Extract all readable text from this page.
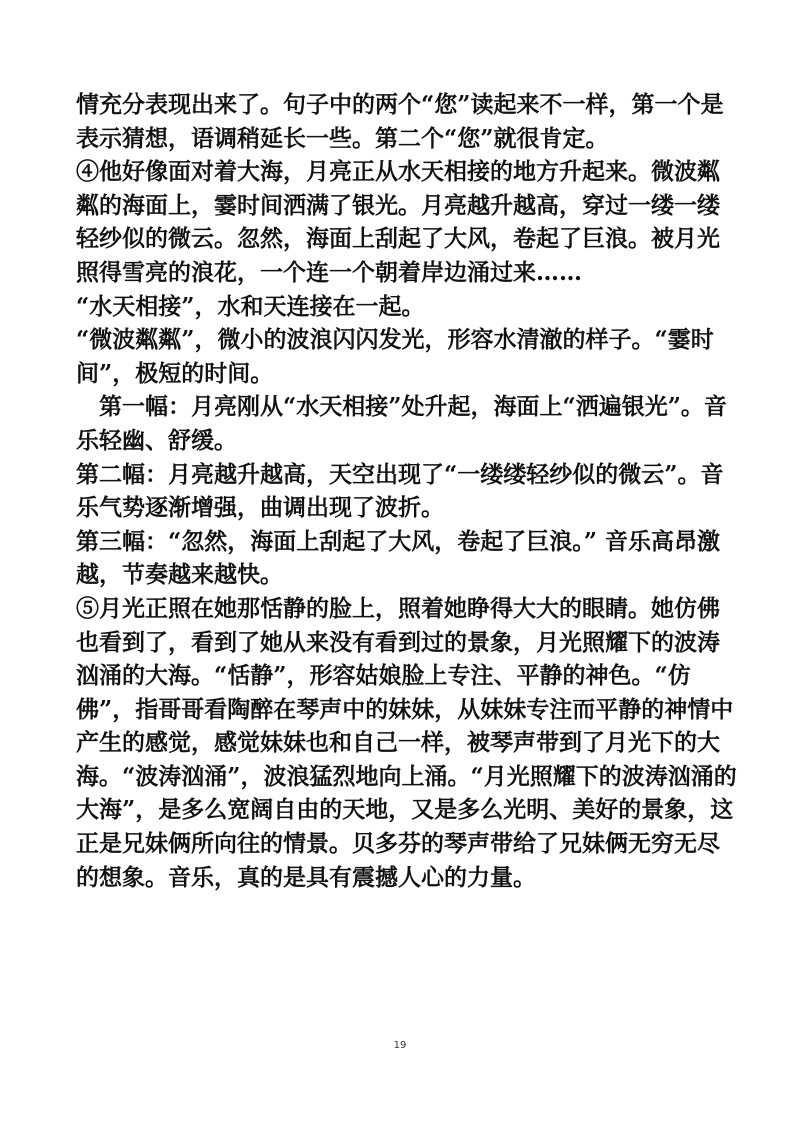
情充分表现出来了。句子中的两个“您”读起来不一样，第一个是表示猜想，语调稍延长一些。第二个“您”就很肯定。

④他好像面对着大海，月亮正从水天相接的地方升起来。微波粼粼的海面上，霎时间洒满了银光。月亮越升越高，穿过一缕一缕轻纱似的微云。忽然，海面上刮起了大风，卷起了巨浪。被月光照得雪亮的浪花，一个连一个朝着岸边涌过来……

“水天相接”，水和天连接在一起。

“微波粼粼”，微小的波浪闪闪发光，形容水清澈的样子。“霎时间”，极短的时间。

　第一幅：月亮刚从“水天相接”处升起，海面上“洒遍银光”。音乐轻幽、舒缓。

第二幅：月亮越升越高，天空出现了“一缕缕轻纱似的微云”。音乐气势逐渐增强，曲调出现了波折。

第三幅：“忽然，海面上刮起了大风，卷起了巨浪。” 音乐高昂激越，节奏越来越快。

⑤月光正照在她那恬静的脸上，照着她睁得大大的眼睛。她仿佛也看到了，看到了她从来没有看到过的景象，月光照耀下的波涛汹涌的大海。“恬静”，形容姑娘脸上专注、平静的神色。“仿佛”，指哥哥看陶醉在琴声中的妹妹，从妹妹专注而平静的神情中产生的感觉，感觉妹妹也和自己一样，被琴声带到了月光下的大海。“波涛汹涌”，波浪猛烈地向上涌。“月光照耀下的波涛汹涌的大海”，是多么宽阔自由的天地，又是多么光明、美好的景象，这正是兄妹俩所向往的情景。贝多芬的琴声带给了兄妹俩无穷无尽的想象。音乐，真的是具有震撼人心的力量。

19
